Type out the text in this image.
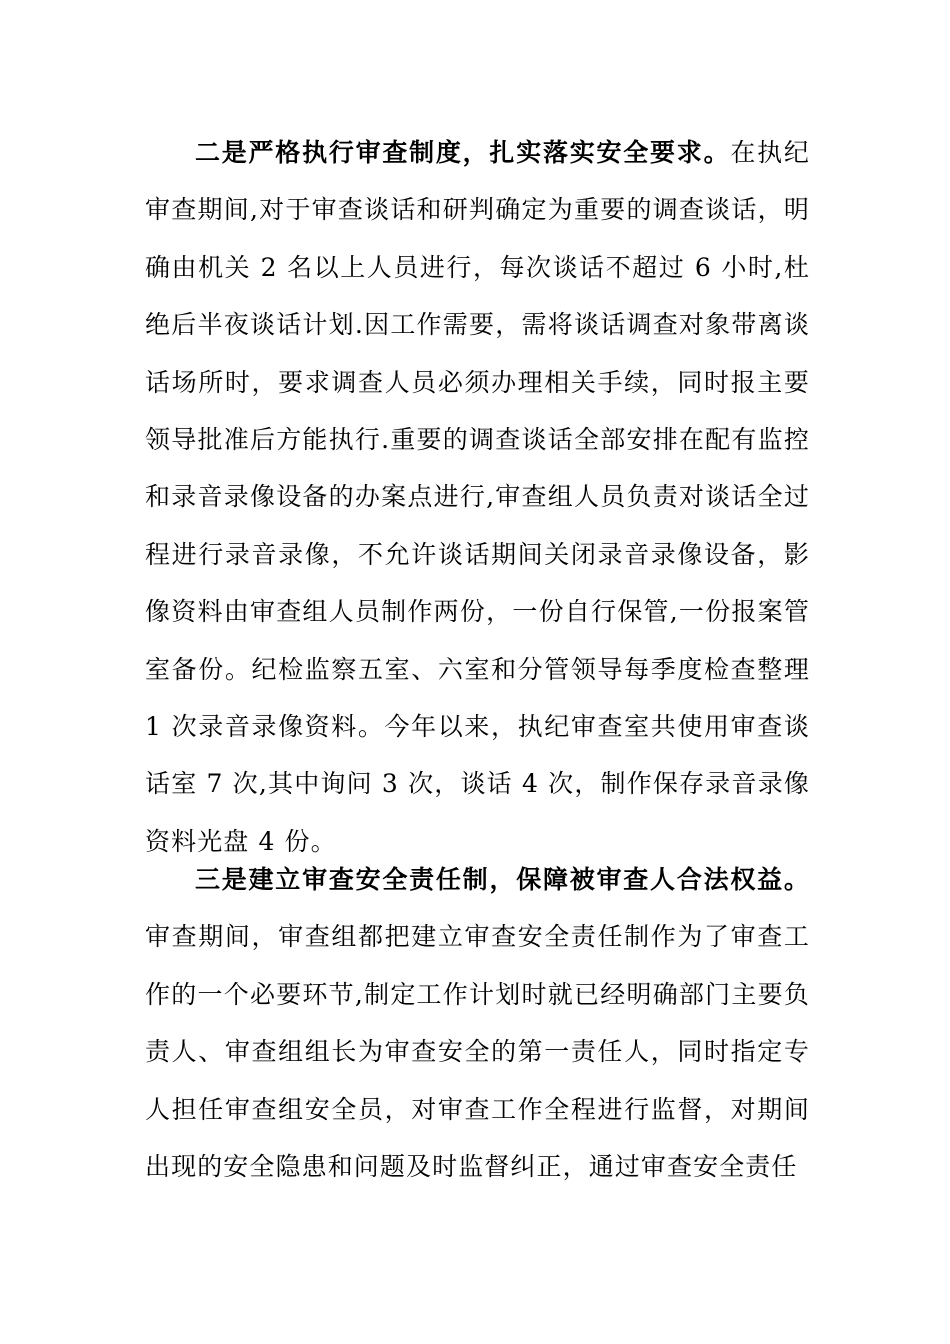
二是严格执行审查制度，扎实落实安全要求。在执纪审查期间,对于审查谈话和研判确定为重要的调查谈话，明确由机关 2 名以上人员进行，每次谈话不超过 6 小时,杜绝后半夜谈话计划.因工作需要，需将谈话调查对象带离谈话场所时，要求调查人员必须办理相关手续，同时报主要领导批准后方能执行.重要的调查谈话全部安排在配有监控和录音录像设备的办案点进行,审查组人员负责对谈话全过程进行录音录像，不允许谈话期间关闭录音录像设备，影像资料由审查组人员制作两份，一份自行保管,一份报案管室备份。纪检监察五室、六室和分管领导每季度检查整理 1 次录音录像资料。今年以来，执纪审查室共使用审查谈话室 7 次,其中询问 3 次，谈话 4 次，制作保存录音录像资料光盘 4 份。

三是建立审查安全责任制，保障被审查人合法权益。审查期间，审查组都把建立审查安全责任制作为了审查工作的一个必要环节,制定工作计划时就已经明确部门主要负责人、审查组组长为审查安全的第一责任人，同时指定专人担任审查组安全员，对审查工作全程进行监督，对期间出现的安全隐患和问题及时监督纠正，通过审查安全责任
